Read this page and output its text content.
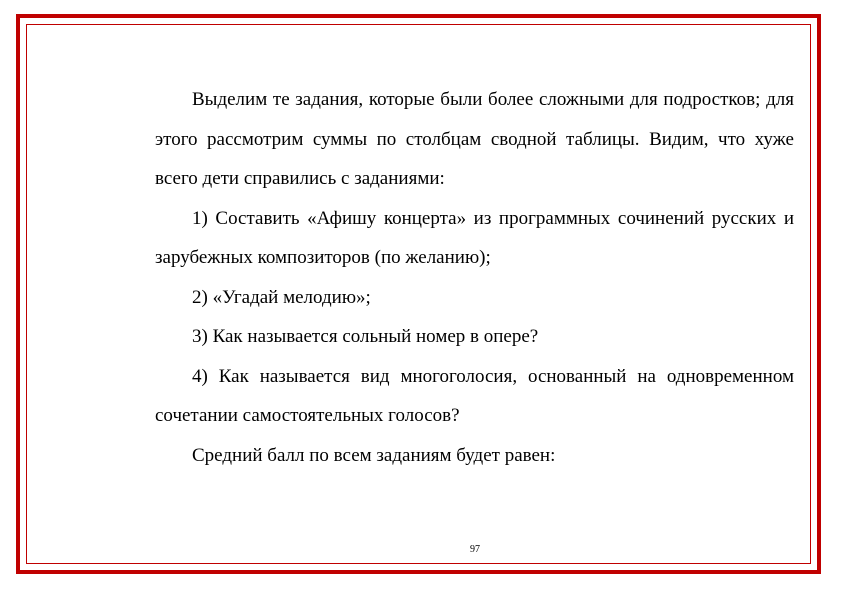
Выделим те задания, которые были более сложными для подростков; для этого рассмотрим суммы по столбцам сводной таблицы. Видим, что хуже всего дети справились с заданиями:

1) Составить «Афишу концерта» из программных сочинений русских и зарубежных композиторов (по желанию);

2) «Угадай мелодию»;

3) Как называется сольный номер в опере?

4) Как называется вид многоголосия, основанный на одновременном сочетании самостоятельных голосов?

Средний балл по всем заданиям будет равен:

97
